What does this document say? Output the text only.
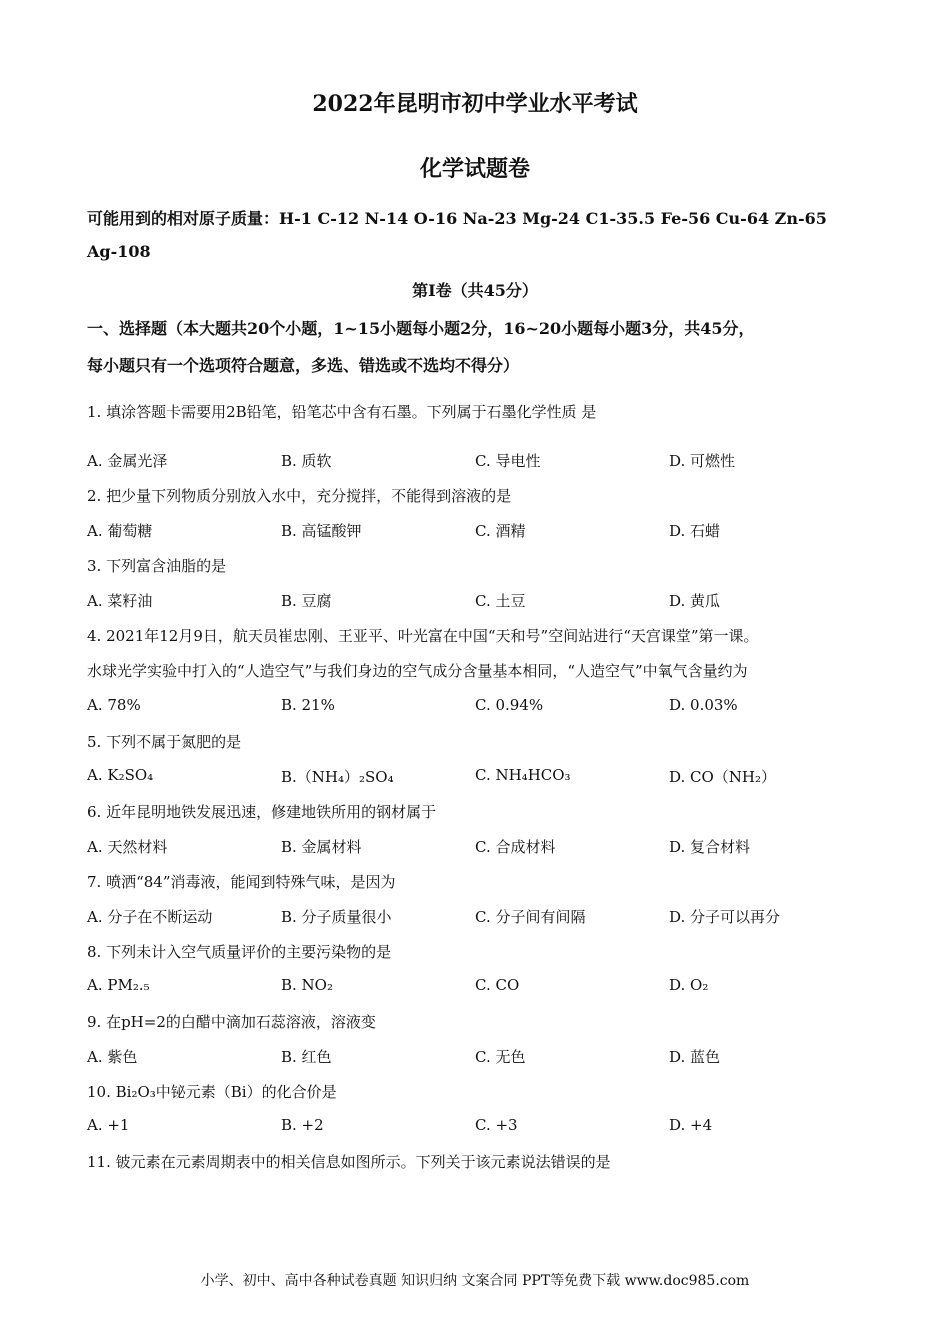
2022年昆明市初中学业水平考试
化学试题卷
可能用到的相对原子质量：H-1 C-12 N-14 O-16 Na-23 Mg-24 C1-35.5 Fe-56 Cu-64 Zn-65
Ag-108
第Ⅰ卷（共45分）
一、选择题（本大题共20个小题，1~15小题每小题2分，16~20小题每小题3分，共45分，
每小题只有一个选项符合题意，多选、错选或不选均不得分）
1. 填涂答题卡需要用2B铅笔，铅笔芯中含有石墨。下列属于石墨化学性质 是
A. 金属光泽	B. 质软	C. 导电性	D. 可燃性
2. 把少量下列物质分别放入水中，充分搅拌，不能得到溶液的是
A. 葡萄糖	B. 高锰酸钾	C. 酒精	D. 石蜡
3. 下列富含油脂的是
A. 菜籽油	B. 豆腐	C. 土豆	D. 黄瓜
4. 2021年12月9日，航天员崔忠刚、王亚平、叶光富在中国“天和号”空间站进行“天宫课堂”第一课。
水球光学实验中打入的“人造空气”与我们身边的空气成分含量基本相同，“人造空气”中氧气含量约为
A. 78%	B. 21%	C. 0.94%	D. 0.03%
5. 下列不属于氮肥的是
A. K₂SO₄	B.（NH₄）₂SO₄	C. NH₄HCO₃	D. CO（NH₂）
6. 近年昆明地铁发展迅速，修建地铁所用的钢材属于
A. 天然材料	B. 金属材料	C. 合成材料	D. 复合材料
7. 喷洒“84”消毒液，能闻到特殊气味，是因为
A. 分子在不断运动	B. 分子质量很小	C. 分子间有间隔	D. 分子可以再分
8. 下列未计入空气质量评价的主要污染物的是
A. PM₂.₅	B. NO₂	C. CO	D. O₂
9. 在pH=2的白醋中滴加石蕊溶液，溶液变
A. 紫色	B. 红色	C. 无色	D. 蓝色
10. Bi₂O₃中铋元素（Bi）的化合价是
A. +1	B. +2	C. +3	D. +4
11. 铍元素在元素周期表中的相关信息如图所示。下列关于该元素说法错误的是
小学、初中、高中各种试卷真题 知识归纳 文案合同 PPT等免费下载 www.doc985.com
